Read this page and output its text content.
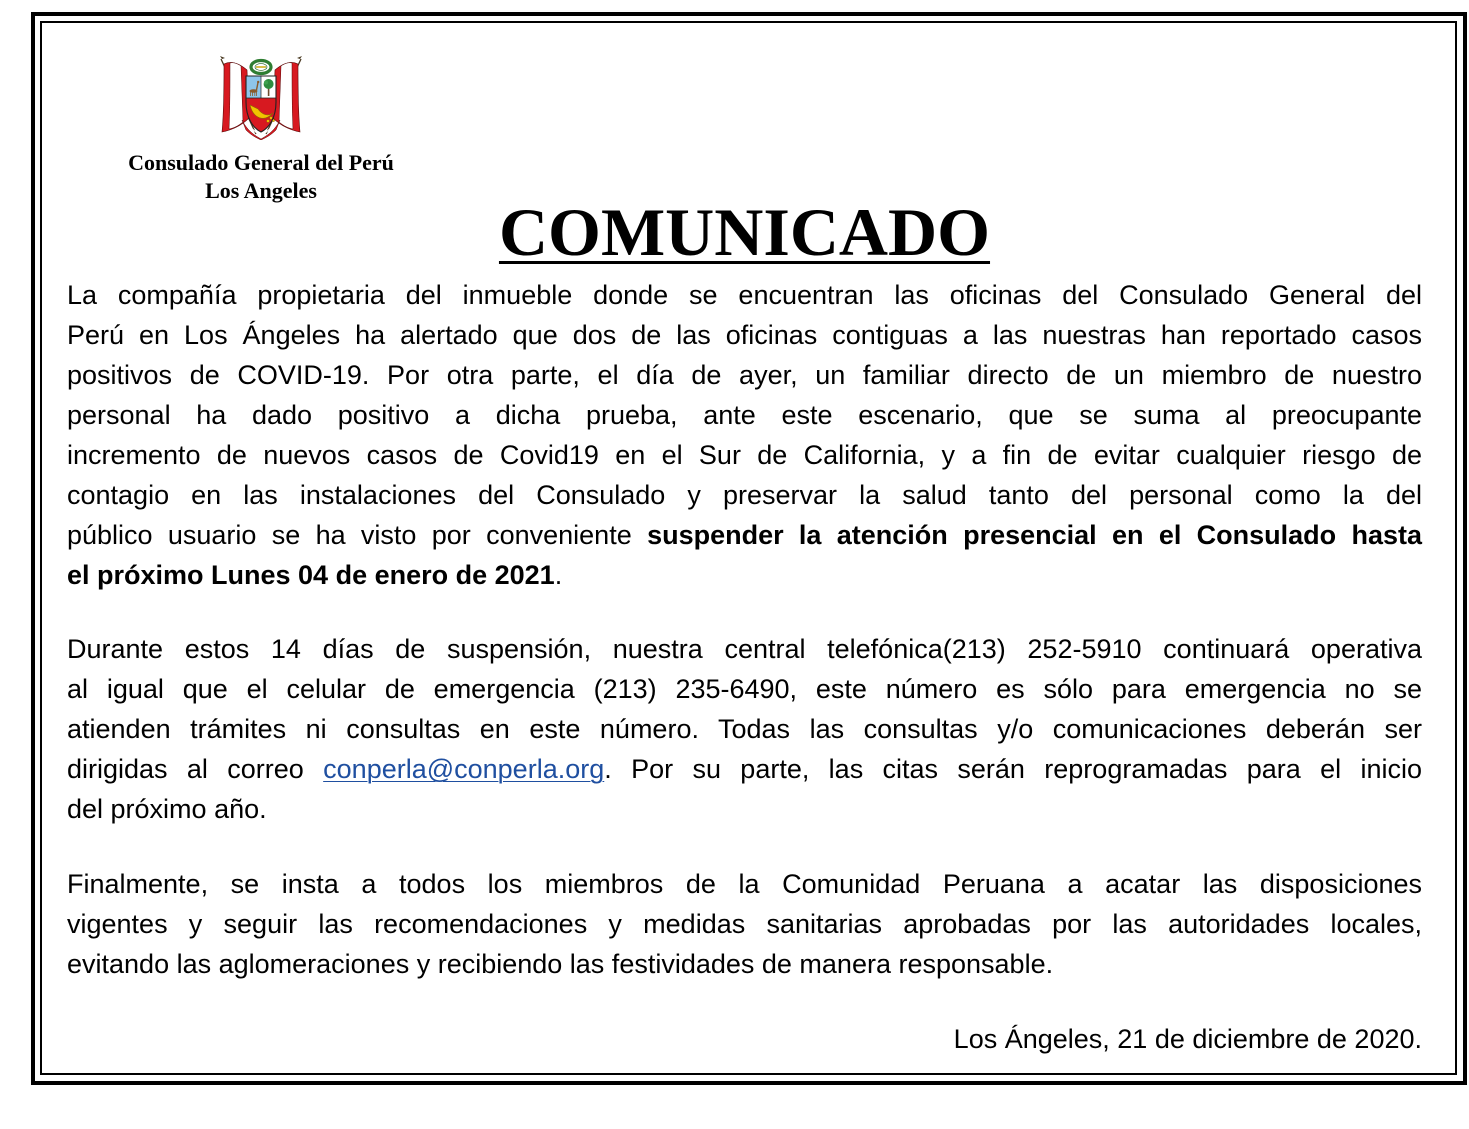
Consulado General del Perú
Los Angeles
COMUNICADO
La compañía propietaria del inmueble donde se encuentran las oficinas del Consulado General del
Perú en Los Ángeles ha alertado que dos de las oficinas contiguas a las nuestras han reportado casos
positivos de COVID-19. Por otra parte, el día de ayer, un familiar directo de un miembro de nuestro
personal ha dado positivo a dicha prueba, ante este escenario, que se suma al preocupante
incremento de nuevos casos de Covid19 en el Sur de California, y a fin de evitar cualquier riesgo de
contagio en las instalaciones del Consulado y preservar la salud tanto del personal como la del
público usuario se ha visto por conveniente suspender la atención presencial en el Consulado hasta
el próximo Lunes 04 de enero de 2021.
Durante estos 14 días de suspensión, nuestra central telefónica(213) 252-5910 continuará operativa
al igual que el celular de emergencia (213) 235-6490, este número es sólo para emergencia no se
atienden trámites ni consultas en este número. Todas las consultas y/o comunicaciones deberán ser
dirigidas al correo conperla@conperla.org. Por su parte, las citas serán reprogramadas para el inicio
del próximo año.
Finalmente, se insta a todos los miembros de la Comunidad Peruana a acatar las disposiciones
vigentes y seguir las recomendaciones y medidas sanitarias aprobadas por las autoridades locales,
evitando las aglomeraciones y recibiendo las festividades de manera responsable.
Los Ángeles, 21 de diciembre de 2020.
